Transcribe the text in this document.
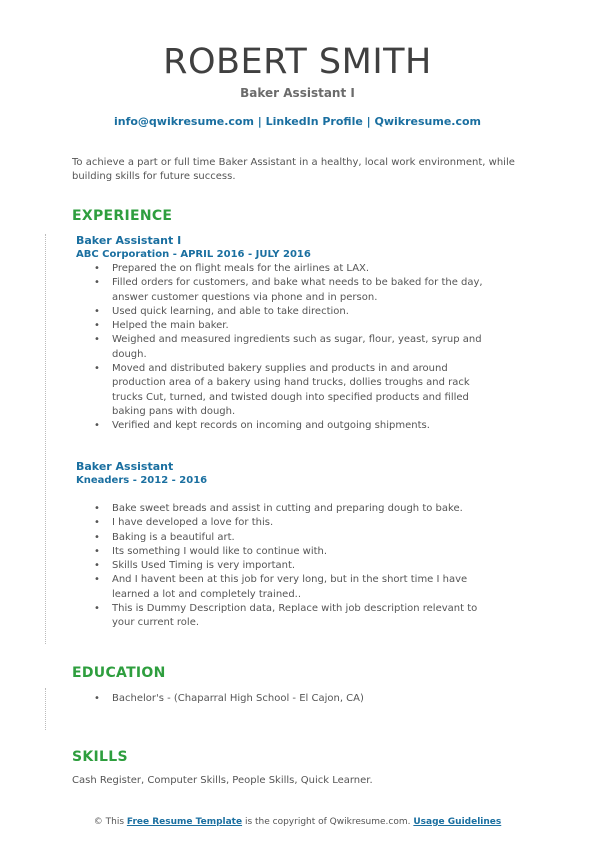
ROBERT SMITH
Baker Assistant I
info@qwikresume.com | LinkedIn Profile | Qwikresume.com
To achieve a part or full time Baker Assistant in a healthy, local work environment, while building skills for future success.
EXPERIENCE
Baker Assistant I
ABC Corporation - APRIL 2016 - JULY 2016
• Prepared the on flight meals for the airlines at LAX.
• Filled orders for customers, and bake what needs to be baked for the day, answer customer questions via phone and in person.
• Used quick learning, and able to take direction.
• Helped the main baker.
• Weighed and measured ingredients such as sugar, flour, yeast, syrup and dough.
• Moved and distributed bakery supplies and products in and around production area of a bakery using hand trucks, dollies troughs and rack trucks Cut, turned, and twisted dough into specified products and filled baking pans with dough.
• Verified and kept records on incoming and outgoing shipments.
Baker Assistant
Kneaders - 2012 - 2016
• Bake sweet breads and assist in cutting and preparing dough to bake.
• I have developed a love for this.
• Baking is a beautiful art.
• Its something I would like to continue with.
• Skills Used Timing is very important.
• And I havent been at this job for very long, but in the short time I have learned a lot and completely trained..
• This is Dummy Description data, Replace with job description relevant to your current role.
EDUCATION
• Bachelor's - (Chaparral High School - El Cajon, CA)
SKILLS
Cash Register, Computer Skills, People Skills, Quick Learner.
© This Free Resume Template is the copyright of Qwikresume.com. Usage Guidelines
